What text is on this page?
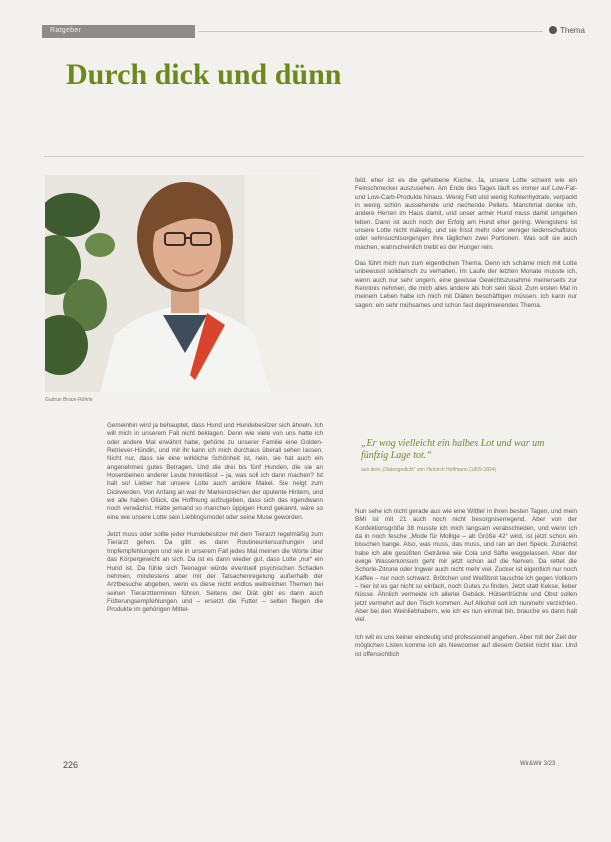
Ratgeber	Thema
Durch dick und dünn
Gudrun Braun-Röhrle

Gemeinhin wird ja behauptet, dass Hund und Hundebesitzer sich ähneln. Ich will mich in unserem Fall nicht beklagen. Denn wie viele von uns hatte ich oder andere Mal erwähnt habe, gehörte zu unserer Familie eine Golden-Retriever-Hündin, und mit ihr kann ich mich durchaus überall sehen lassen. Nicht nur, dass sie eine wirkliche Schönheit ist, nein, sie hat auch ein angenehmes gutes Betragen. Und die drei bis fünf Hunden, die sie an Hosenbeinen anderer Leute hinterlässt – ja, was soll ich dann machen? Ist halt so! Lieber hat unsere Lotte auch andere Makel. Sie neigt zum Dickwerden. Von Anfang an war ihr Markenzeichen der opulente Hintern, und wir alle haben Glück, die Hoffnung aufzugeben, dass sich das irgendwann noch verwächst. Hätte jemand so manchen üppigen Hund gekannt, wäre so eine wie unsere Lotte sein Lieblingsmodel oder seine Muse geworden.

Jetzt muss oder sollte jeder Hundebesitzer mit dem Tierarzt regelmäßig zum Tierarzt gehen. Da gibt es dann Routineuntersuchungen und Impfempfehlungen und wie in unserem Fall jedes Mal meinen die Worte über das Körpergewicht an sich. Da ist es dann wieder gut, dass Lotte „nur“ ein Hund ist. Da fühle sich Teenager würde eventuell psychischen Schaden nehmen, mindestens aber mit der Tatsachenregelung außerhalb der Arztbesuche abgeben, wenn es diese nicht endlos weitreichen Themen bei seinen Tierarztterminen führen. Seitens der Diät gibt es dann auch Fütterungsempfehlungen und – ersetzt die Futter – selten fliegen die Produkte im gehörigen Mittel-

feld, eher ist es die gehobene Küche. Ja, unsere Lotte scheint wie ein Feinschmecker auszusehen. Am Ende des Tages läuft es immer auf Low-Fat- und Low-Carb-Produkte hinaus. Wenig Fett und wenig Kohlenhydrate, verpackt in wenig schön aussehende und riechende Pellets. Manchmal denke ich, andere Herren im Haus damit, und unser armer Hund muss damit umgehen leben. Dann ist auch noch der Erfolg am Hund eher gering. Wenigstens ist unsere Lotte nicht mäkelig, und sie frisst mehr oder weniger leidenschaftslos oder sehnsuchtsorgengen ihre täglichen zwei Portionen. Was soll sie auch machen, wahrscheinlich treibt es der Hunger rein.

Das führt mich nun zum eigentlichen Thema. Denn ich schäme mich mit Lotte unbewusst solidarisch zu verhalten. Im Laufe der letzten Monate musste ich, wenn auch nur sehr ungern, eine gewisse Gewichtszunahme meinerseits zur Kenntnis nehmen, die mich alles andere als froh sein lässt. Zum ersten Mal in meinem Leben habe ich mich mit Diäten beschäftigen müssen. Ich kann nur sagen: ein sehr mühsames und schon fast deprimierendes Thema.

„Er wog vielleicht ein halbes Lot und war um fünfzig Lage tot.“
aus dem „Diätengedicht“ von Heinrich Hoffmann (1809-1894)

Nun sehe ich nicht gerade aus wie eine Wittler in ihren besten Tagen, und mein BMI ist mit 21 auch noch nicht besorgniserregend. Aber von der Konfektionsgröße 38 musste ich mich langsam verabschieden, und wenn ich da in noch fesche „Mode für Mollige – ab Größe 42“ wird, ist jetzt schon ein bisschen bange. Also, was muss, das muss, und ran an den Speck. Zunächst habe ich alle gesüßten Getränke wie Cola und Säfte weggelassen. Aber der ewige Wasserkonsum geht mir jetzt schon auf die Nerven. Da rettet die Schorle-Zitrone oder Ingwer auch nicht mehr viel. Zucker ist eigentlich nur noch Kaffee – nur noch schwarz. Brötchen und Weißbrot tauschte ich gegen Vollkorn – hier ist es gar nicht so einfach, noch Gutes zu finden. Jetzt statt Kekse, lieber Nüsse. Ähnlich vermeide ich allerlei Gebäck. Hülsenfrüchte und Obst sollen jetzt vermehrt auf den Tisch kommen. Auf Alkohol soll ich nunmehr verzichten. Aber bei den Weinliebhabern, wie ich es nun einmal bin, brauche es dann halt viel.

Ich will es uns keiner eindeutig und professionell angehen. Aber mit der Zeit der möglichen Listen komme ich als Newcomer auf diesem Gebiet nicht klar. Und ist offensichtlich

226	Wir&Wir 3/23
